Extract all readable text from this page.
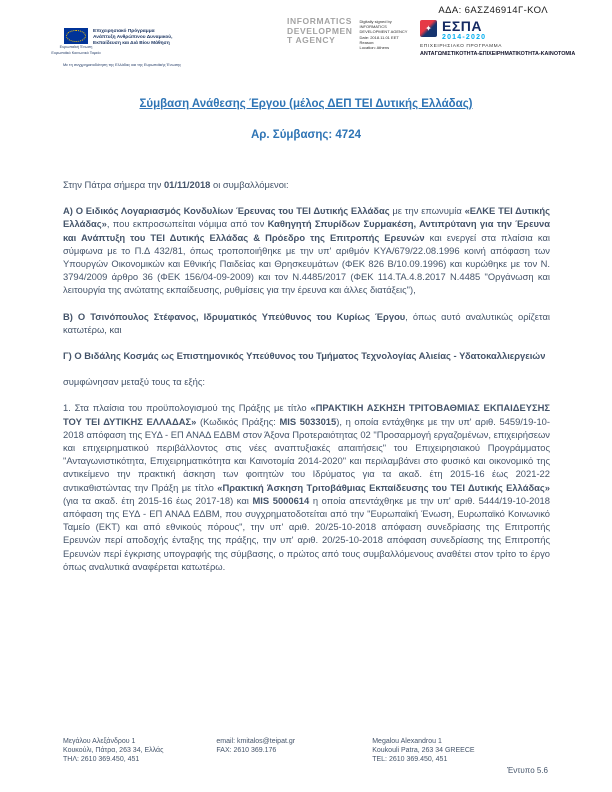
ΑΔΑ: 6ΑΣΖ46914Γ-ΚΟΛ
Ευρωπαϊκή Ένωση
Ευρωπαϊκό Κοινωνικό Ταμείο
Επιχειρησιακό Πρόγραμμα
Ανάπτυξη Ανθρώπινου Δυναμικού,
Εκπαίδευση και Διά Βίου Μάθηση
Με τη συγχρηματοδότηση της Ελλάδας και της Ευρωπαϊκής Ένωσης
INFORMATICS
DEVELOPMEN
T AGENCY
Digitally signed by
INFORMATICS
DEVELOPMENT AGENCY
Date: 2018.11.01 EET
Reason:
Location: Athens
✦
ΕΣΠΑ
2014-2020
ΕΠΙΧΕΙΡΗΣΙΑΚΟ ΠΡΟΓΡΑΜΜΑ
ΑΝΤΑΓΩΝΙΣΤΙΚΟΤΗΤΑ-ΕΠΙΧΕΙΡΗΜΑΤΙΚΟΤΗΤΑ-ΚΑΙΝΟΤΟΜΙΑ
Σύμβαση Ανάθεσης Έργου (μέλος ΔΕΠ ΤΕΙ Δυτικής Ελλάδας)
Αρ. Σύμβασης: 4724

Στην Πάτρα σήμερα την 01/11/2018 οι συμβαλλόμενοι:

Α) Ο Ειδικός Λογαριασμός Κονδυλίων Έρευνας του ΤΕΙ Δυτικής Ελλάδας με την επωνυμία «ΕΛΚΕ ΤΕΙ Δυτικής Ελλάδας», που εκπροσωπείται νόμιμα από τον Καθηγητή Σπυρίδων Συρμακέση, Αντιπρύτανη για την Έρευνα και Ανάπτυξη του ΤΕΙ Δυτικής Ελλάδας & Πρόεδρο της Επιτροπής Ερευνών και ενεργεί στα πλαίσια και σύμφωνα με το Π.Δ 432/81, όπως τροποποιήθηκε με την υπ' αριθμόν ΚΥΑ/679/22.08.1996 κοινή απόφαση των Υπουργών Οικονομικών και Εθνικής Παιδείας και Θρησκευμάτων (ΦΕΚ 826 Β/10.09.1996) και κυρώθηκε με τον Ν. 3794/2009 άρθρο 36 (ΦΕΚ 156/04-09-2009) και τον Ν.4485/2017 (ΦΕΚ 114.ΤΑ.4.8.2017 Ν.4485 "Οργάνωση και λειτουργία της ανώτατης εκπαίδευσης, ρυθμίσεις για την έρευνα και άλλες διατάξεις"),

Β) Ο Τσινόπουλος Στέφανος, Ιδρυματικός Υπεύθυνος του Κυρίως Έργου, όπως αυτό αναλυτικώς ορίζεται κατωτέρω, και

Γ) Ο Βιδάλης Κοσμάς ως Επιστημονικός Υπεύθυνος του Τμήματος Τεχνολογίας Αλιείας - Υδατοκαλλιεργειών

συμφώνησαν μεταξύ τους τα εξής:

1. Στα πλαίσια του προϋπολογισμού της Πράξης με τίτλο «ΠΡΑΚΤΙΚΗ ΑΣΚΗΣΗ ΤΡΙΤΟΒΑΘΜΙΑΣ ΕΚΠΑΙΔΕΥΣΗΣ ΤΟΥ ΤΕΙ ΔΥΤΙΚΗΣ ΕΛΛΑΔΑΣ» (Κωδικός Πράξης: MIS 5033015), η οποία εντάχθηκε με την υπ' αριθ. 5459/19-10-2018 απόφαση της ΕΥΔ - ΕΠ ΑΝΑΔ ΕΔΒΜ στον Άξονα Προτεραιότητας 02 "Προσαρμογή εργαζομένων, επιχειρήσεων και επιχειρηματικού περιβάλλοντος στις νέες αναπτυξιακές απαιτήσεις" του Επιχειρησιακού Προγράμματος "Ανταγωνιστικότητα, Επιχειρηματικότητα και Καινοτομία 2014-2020" και περιλαμβάνει στο φυσικό και οικονομικό της αντικείμενο την πρακτική άσκηση των φοιτητών του Ιδρύματος για τα ακαδ. έτη 2015-16 έως 2021-22 αντικαθιστώντας την Πράξη με τίτλο «Πρακτική Άσκηση Τριτοβάθμιας Εκπαίδευσης του ΤΕΙ Δυτικής Ελλάδας» (για τα ακαδ. έτη 2015-16 έως 2017-18) και MIS 5000614 η οποία απεντάχθηκε με την υπ' αριθ. 5444/19-10-2018 απόφαση της ΕΥΔ - ΕΠ ΑΝΑΔ ΕΔΒΜ, που συγχρηματοδοτείται από την "Ευρωπαϊκή Ένωση, Ευρωπαϊκό Κοινωνικό Ταμείο (ΕΚΤ) και από εθνικούς πόρους", την υπ' αριθ. 20/25-10-2018 απόφαση συνεδρίασης της Επιτροπής Ερευνών περί αποδοχής ένταξης της πράξης, την υπ' αριθ. 20/25-10-2018 απόφαση συνεδρίασης της Επιτροπής Ερευνών περί έγκρισης υπογραφής της σύμβασης, ο πρώτος από τους συμβαλλόμενους αναθέτει στον τρίτο το έργο όπως αναλυτικά αναφέρεται κατωτέρω.

Μεγάλου Αλεξάνδρου 1
Κουκούλι, Πάτρα, 263 34, Ελλάς
ΤΗΛ: 2610 369.450, 451
email: kmitalos@teipat.gr
FAX: 2610 369.176
Megalou Alexandrou 1
Koukouli Patra, 263 34 GREECE
TEL: 2610 369.450, 451
Έντυπο 5.6
